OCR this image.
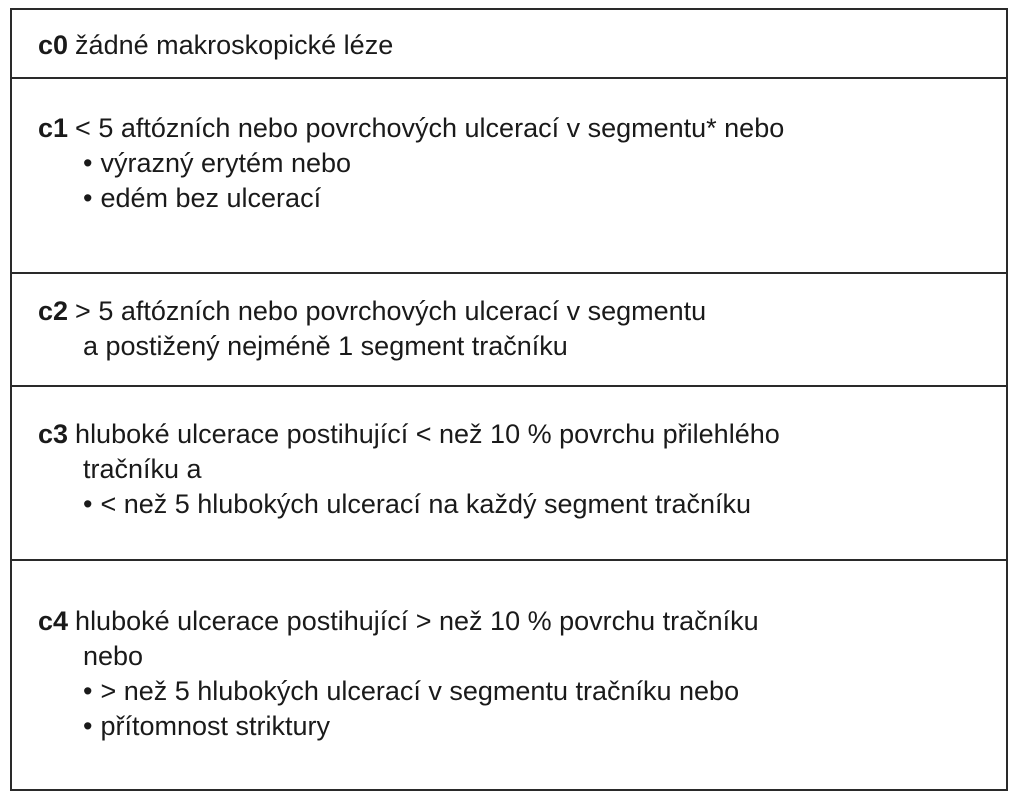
c0 žádné makroskopické léze
c1 < 5 aftózních nebo povrchových ulcerací v segmentu* nebo
• výrazný erytém nebo
• edém bez ulcerací
c2 > 5 aftózních nebo povrchových ulcerací v segmentu
a postižený nejméně 1 segment tračníku
c3 hluboké ulcerace postihující < než 10 % povrchu přilehlého
tračníku a
• < než 5 hlubokých ulcerací na každý segment tračníku
c4 hluboké ulcerace postihující > než 10 % povrchu tračníku
nebo
• > než 5 hlubokých ulcerací v segmentu tračníku nebo
• přítomnost striktury
